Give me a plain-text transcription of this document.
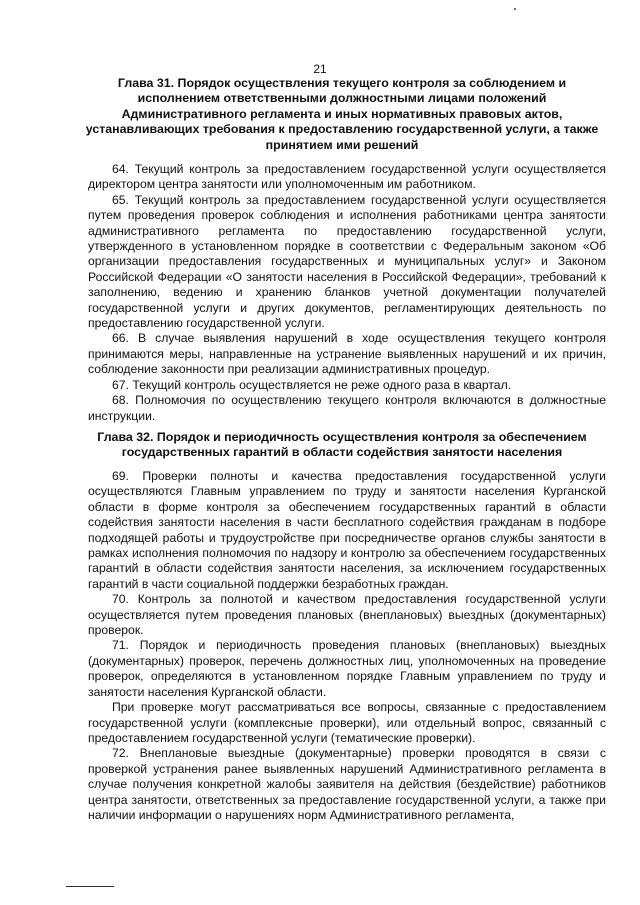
21
Глава 31. Порядок осуществления текущего контроля за соблюдением и исполнением ответственными должностными лицами положений Административного регламента и иных нормативных правовых актов, устанавливающих требования к предоставлению государственной услуги, а также принятием ими решений

64. Текущий контроль за предоставлением государственной услуги осуществляется директором центра занятости или уполномоченным им работником.

65. Текущий контроль за предоставлением государственной услуги осуществляется путем проведения проверок соблюдения и исполнения работниками центра занятости административного регламента по предоставлению государственной услуги, утвержденного в установленном порядке в соответствии с Федеральным законом «Об организации предоставления государственных и муниципальных услуг» и Законом Российской Федерации «О занятости населения в Российской Федерации», требований к заполнению, ведению и хранению бланков учетной документации получателей государственной услуги и других документов, регламентирующих деятельность по предоставлению государственной услуги.

66. В случае выявления нарушений в ходе осуществления текущего контроля принимаются меры, направленные на устранение выявленных нарушений и их причин, соблюдение законности при реализации административных процедур.

67. Текущий контроль осуществляется не реже одного раза в квартал.

68. Полномочия по осуществлению текущего контроля включаются в должностные инструкции.

Глава 32. Порядок и периодичность осуществления контроля за обеспечением государственных гарантий в области содействия занятости населения

69. Проверки полноты и качества предоставления государственной услуги осуществляются Главным управлением по труду и занятости населения Курганской области в форме контроля за обеспечением государственных гарантий в области содействия занятости населения в части бесплатного содействия гражданам в подборе подходящей работы и трудоустройстве при посредничестве органов службы занятости в рамках исполнения полномочия по надзору и контролю за обеспечением государственных гарантий в области содействия занятости населения, за исключением государственных гарантий в части социальной поддержки безработных граждан.

70. Контроль за полнотой и качеством предоставления государственной услуги осуществляется путем проведения плановых (внеплановых) выездных (документарных) проверок.

71. Порядок и периодичность проведения плановых (внеплановых) выездных (документарных) проверок, перечень должностных лиц, уполномоченных на проведение проверок, определяются в установленном порядке Главным управлением по труду и занятости населения Курганской области.

При проверке могут рассматриваться все вопросы, связанные с предоставлением государственной услуги (комплексные проверки), или отдельный вопрос, связанный с предоставлением государственной услуги (тематические проверки).

72. Внеплановые выездные (документарные) проверки проводятся в связи с проверкой устранения ранее выявленных нарушений Административного регламента в случае получения конкретной жалобы заявителя на действия (бездействие) работников центра занятости, ответственных за предоставление государственной услуги, а также при наличии информации о нарушениях норм Административного регламента,
